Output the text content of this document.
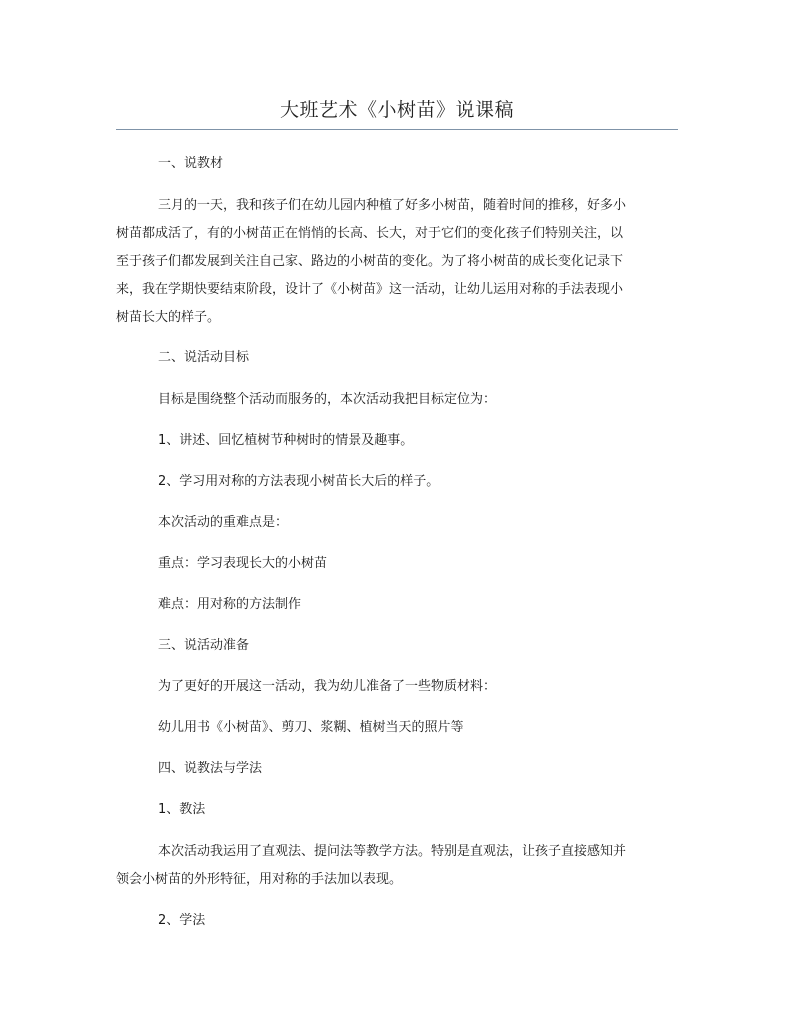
大班艺术《小树苗》说课稿
一、说教材
三月的一天，我和孩子们在幼儿园内种植了好多小树苗，随着时间的推移，好多小
树苗都成活了，有的小树苗正在悄悄的长高、长大，对于它们的变化孩子们特别关注，以
至于孩子们都发展到关注自己家、路边的小树苗的变化。为了将小树苗的成长变化记录下
来，我在学期快要结束阶段，设计了《小树苗》这一活动，让幼儿运用对称的手法表现小
树苗长大的样子。
二、说活动目标
目标是围绕整个活动而服务的，本次活动我把目标定位为：
1、讲述、回忆植树节种树时的情景及趣事。
2、学习用对称的方法表现小树苗长大后的样子。
本次活动的重难点是：
重点：学习表现长大的小树苗
难点：用对称的方法制作
三、说活动准备
为了更好的开展这一活动，我为幼儿准备了一些物质材料：
幼儿用书《小树苗》、剪刀、浆糊、植树当天的照片等
四、说教法与学法
1、教法
本次活动我运用了直观法、提问法等教学方法。特别是直观法，让孩子直接感知并
领会小树苗的外形特征，用对称的手法加以表现。
2、学法
